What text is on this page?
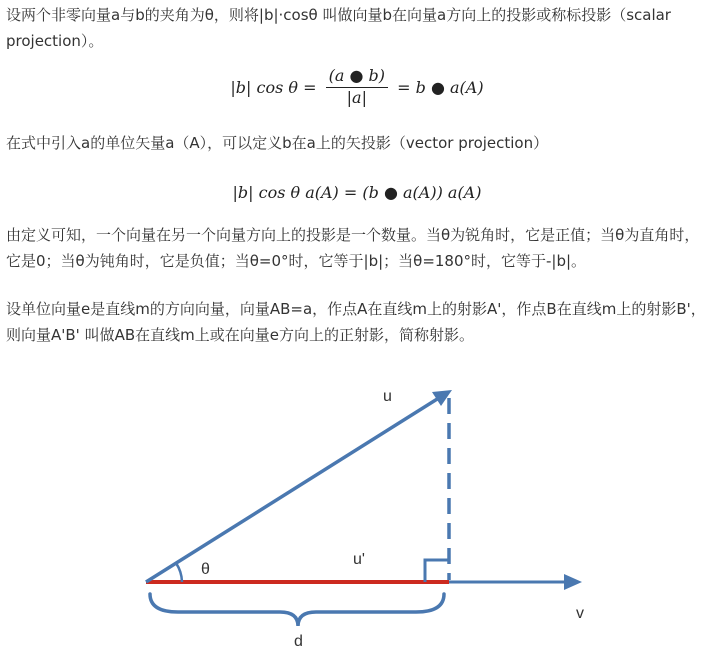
设两个非零向量a与b的夹角为θ，则将|b|·cosθ 叫做向量b在向量a方向上的投影或称标投影（scalar projection）。

|b| $\cos \theta = \frac{(a ● b)}{|a|} = b$ ● a(A)

在式中引入a的单位矢量a（A），可以定义b在a上的矢投影（vector projection）

|b| cos θ a(A) = (b ● a(A)) a(A)

由定义可知，一个向量在另一个向量方向上的投影是一个数量。当θ为锐角时，它是正值；当θ为直角时，它是0；当θ为钝角时，它是负值；当θ=0°时，它等于|b|；当θ=180°时，它等于-|b|。

设单位向量e是直线m的方向向量，向量AB=a，作点A在直线m上的射影A'，作点B在直线m上的射影B'，则向量A'B' 叫做AB在直线m上或在向量e方向上的正射影，简称射影。

u
θ
u'
v
d
